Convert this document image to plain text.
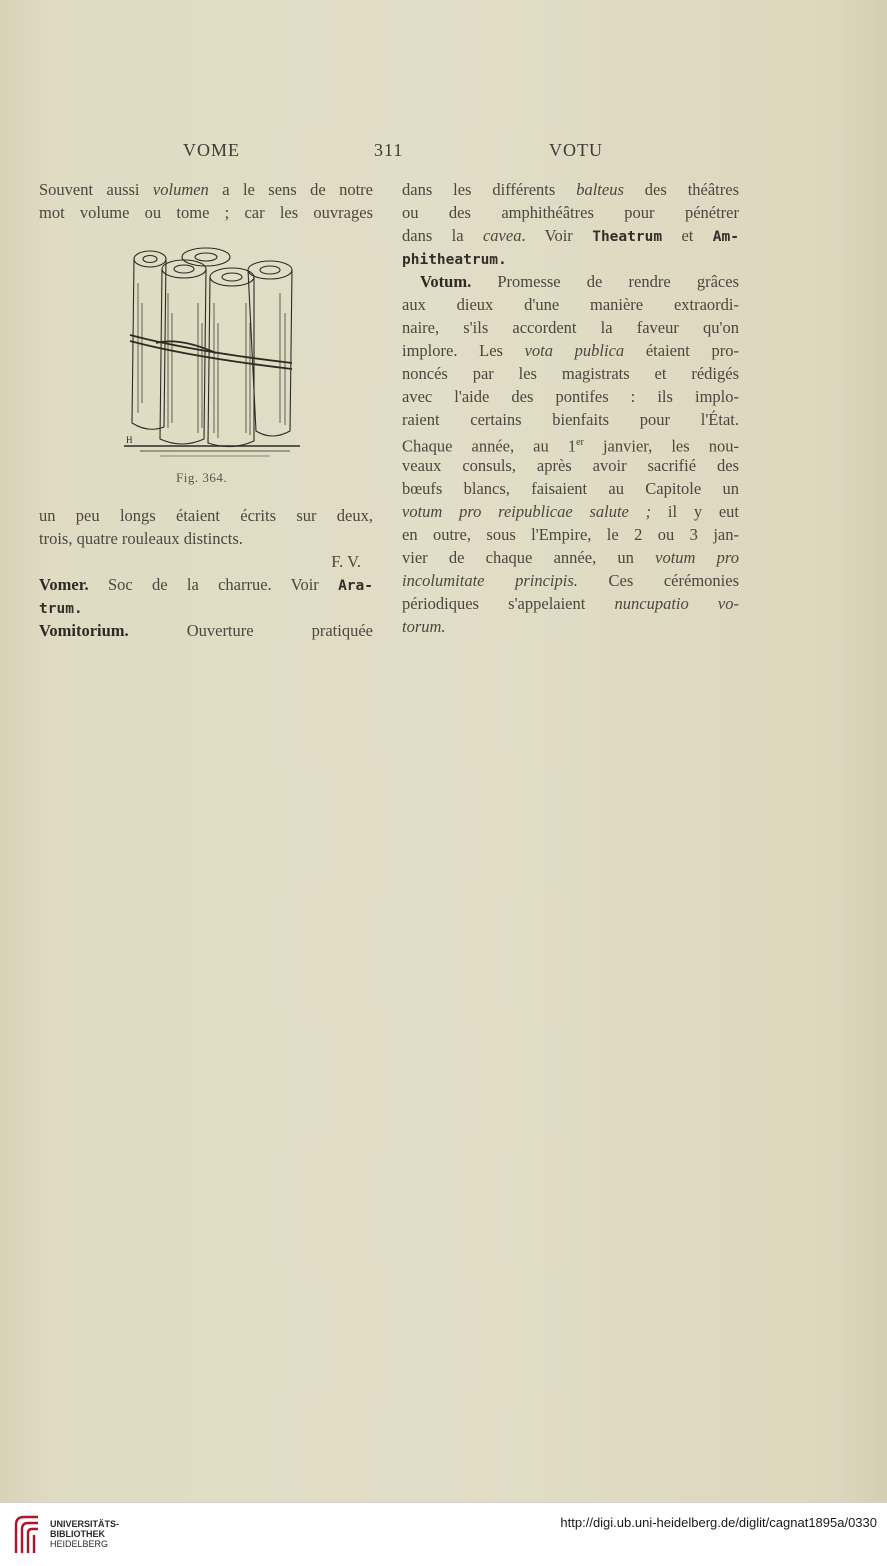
VOME	311	VOTU
Souvent aussi volumen a le sens de notre
mot volume ou tome ; car les ouvrages
H
Fig. 364.
un peu longs étaient écrits sur deux,
trois, quatre rouleaux distincts.
F. V.
Vomer. Soc de la charrue. Voir Ara-
trum.
Vomitorium. Ouverture pratiquée
dans les différents balteus des théâtres
ou des amphithéâtres pour pénétrer
dans la cavea. Voir Theatrum et Am-
phitheatrum.
Votum. Promesse de rendre grâces
aux dieux d'une manière extraordi-
naire, s'ils accordent la faveur qu'on
implore. Les vota publica étaient pro-
noncés par les magistrats et rédigés
avec l'aide des pontifes : ils implo-
raient certains bienfaits pour l'État.
Chaque année, au 1er janvier, les nou-
veaux consuls, après avoir sacrifié des
bœufs blancs, faisaient au Capitole un
votum pro reipublicae salute ; il y eut
en outre, sous l'Empire, le 2 ou 3 jan-
vier de chaque année, un votum pro
incolumitate principis. Ces cérémonies
périodiques s'appelaient nuncupatio vo-
torum.
UNIVERSITÄTS-
BIBLIOTHEK
HEIDELBERG
http://digi.ub.uni-heidelberg.de/diglit/cagnat1895a/0330
